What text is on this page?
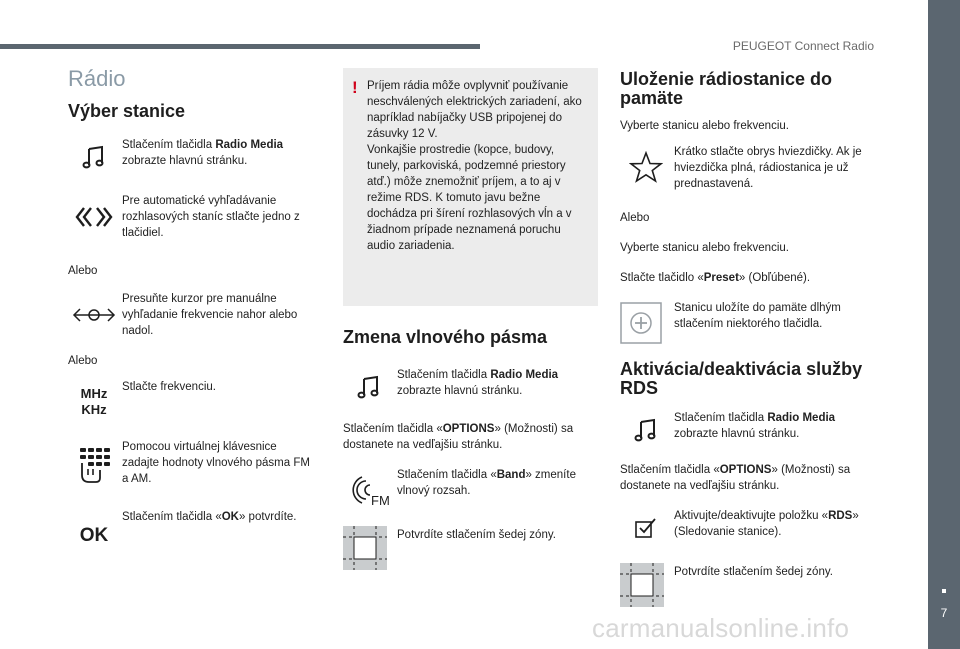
PEUGEOT Connect Radio
7
Rádio
Výber stanice

Stlačením tlačidla Radio Media zobrazte hlavnú stránku.

Pre automatické vyhľadávanie rozhlasových staníc stlačte jedno z tlačidiel.

Alebo

Presuňte kurzor pre manuálne vyhľadanie frekvencie nahor alebo nadol.

Alebo

MHz
KHz

Stlačte frekvenciu.

Pomocou virtuálnej klávesnice zadajte hodnoty vlnového pásma FM a AM.

OK

Stlačením tlačidla «OK» potvrdíte.

! Príjem rádia môže ovplyvniť používanie neschválených elektrických zariadení, ako napríklad nabíjačky USB pripojenej do zásuvky 12 V.
Vonkajšie prostredie (kopce, budovy, tunely, parkoviská, podzemné priestory atď.) môže znemožniť príjem, a to aj v režime RDS. K tomuto javu bežne dochádza pri šírení rozhlasových vĺn a v žiadnom prípade neznamená poruchu audio zariadenia.

Zmena vlnového pásma

Stlačením tlačidla Radio Media zobrazte hlavnú stránku.

Stlačením tlačidla «OPTIONS» (Možnosti) sa dostanete na vedľajšiu stránku.

FM

Stlačením tlačidla «Band» zmeníte vlnový rozsah.

Potvrdíte stlačením šedej zóny.

Uloženie rádiostanice do pamäte

Vyberte stanicu alebo frekvenciu.

Krátko stlačte obrys hviezdičky. Ak je hviezdička plná, rádiostanica je už prednastavená.

Alebo

Vyberte stanicu alebo frekvenciu.

Stlačte tlačidlo «Preset» (Obľúbené).

Stanicu uložíte do pamäte dlhým stlačením niektorého tlačidla.

Aktivácia/deaktivácia služby RDS

Stlačením tlačidla Radio Media zobrazte hlavnú stránku.

Stlačením tlačidla «OPTIONS» (Možnosti) sa dostanete na vedľajšiu stránku.

Aktivujte/deaktivujte položku «RDS» (Sledovanie stanice).

Potvrdíte stlačením šedej zóny.

carmanualsonline.info
